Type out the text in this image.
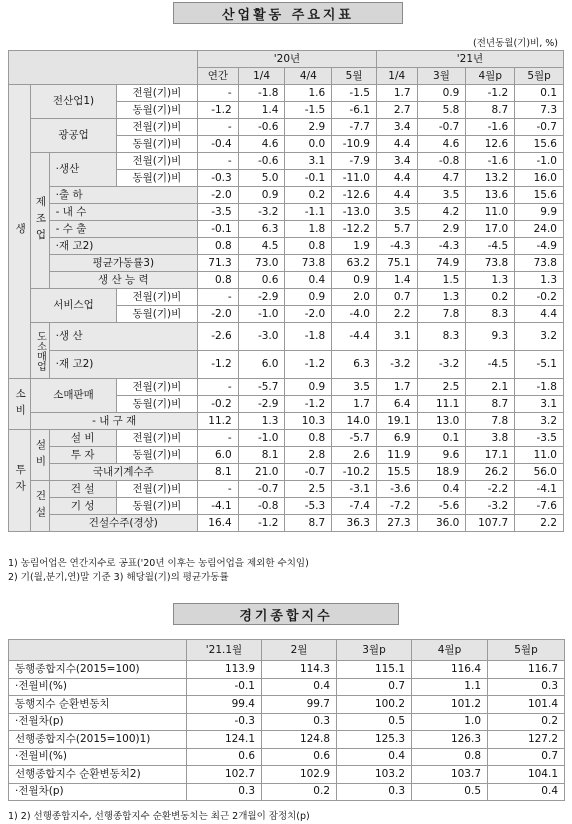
산업활동 주요지표
(전년동월(기)비, %)
				'20년				'21년			
				연간	1/4	4/4	5월	1/4	3월	4월p	5월p
생	전산업1)		전월(기)비	-	-1.8	1.6	-1.5	1.7	0.9	-1.2	0.1
			동월(기)비	-1.2	1.4	-1.5	-6.1	2.7	5.8	8.7	7.3
	광공업		전월(기)비	-	-0.6	2.9	-7.7	3.4	-0.7	-1.6	-0.7
			동월(기)비	-0.4	4.6	0.0	-10.9	4.4	4.6	12.6	15.6
	제조업	·생산	전월(기)비	-	-0.6	3.1	-7.9	3.4	-0.8	-1.6	-1.0
			동월(기)비	-0.3	5.0	-0.1	-11.0	4.4	4.7	13.2	16.0
		·출 하		-2.0	0.9	0.2	-12.6	4.4	3.5	13.6	15.6
		- 내 수		-3.5	-3.2	-1.1	-13.0	3.5	4.2	11.0	9.9
		- 수 출		-0.1	6.3	1.8	-12.2	5.7	2.9	17.0	24.0
		·재 고2)		0.8	4.5	0.8	1.9	-4.3	-4.3	-4.5	-4.9
		평균가동률3)		71.3	73.0	73.8	63.2	75.1	74.9	73.8	73.8
		생 산 능 력		0.8	0.6	0.4	0.9	1.4	1.5	1.3	1.3
	서비스업		전월(기)비	-	-2.9	0.9	2.0	0.7	1.3	0.2	-0.2
			동월(기)비	-2.0	-1.0	-2.0	-4.0	2.2	7.8	8.3	4.4
	도소매업	·생 산		-2.6	-3.0	-1.8	-4.4	3.1	8.3	9.3	3.2
		·재 고2)		-1.2	6.0	-1.2	6.3	-3.2	-3.2	-4.5	-5.1
소비	소매판매		전월(기)비	-	-5.7	0.9	3.5	1.7	2.5	2.1	-1.8
			동월(기)비	-0.2	-2.9	-1.2	1.7	6.4	11.1	8.7	3.1
	- 내 구 재			11.2	1.3	10.3	14.0	19.1	13.0	7.8	3.2
투자	설비	설 비	전월(기)비	-	-1.0	0.8	-5.7	6.9	0.1	3.8	-3.5
		투 자	동월(기)비	6.0	8.1	2.8	2.6	11.9	9.6	17.1	11.0
		국내기계수주		8.1	21.0	-0.7	-10.2	15.5	18.9	26.2	56.0
	건설	건 설	전월(기)비	-	-0.7	2.5	-3.1	-3.6	0.4	-2.2	-4.1
		기 성	동월(기)비	-4.1	-0.8	-5.3	-7.4	-7.2	-5.6	-3.2	-7.6
		건설수주(경상)		16.4	-1.2	8.7	36.3	27.3	36.0	107.7	2.2
1) 농림어업은 연간지수로 공표('20년 이후는 농림어업을 제외한 수치임)
2) 기(월,분기,연)말 기준 3) 해당월(기)의 평균가동률
경기종합지수
	'21.1월	2월	3월p	4월p	5월p
동행종합지수(2015=100)	113.9	114.3	115.1	116.4	116.7
·전월비(%)	-0.1	0.4	0.7	1.1	0.3
동행지수 순환변동치	99.4	99.7	100.2	101.2	101.4
·전월차(p)	-0.3	0.3	0.5	1.0	0.2
선행종합지수(2015=100)1)	124.1	124.8	125.3	126.3	127.2
·전월비(%)	0.6	0.6	0.4	0.8	0.7
선행종합지수 순환변동치2)	102.7	102.9	103.2	103.7	104.1
·전월차(p)	0.3	0.2	0.3	0.5	0.4
1) 2) 선행종합지수, 선행종합지수 순환변동치는 최근 2개월이 잠정치(p)
